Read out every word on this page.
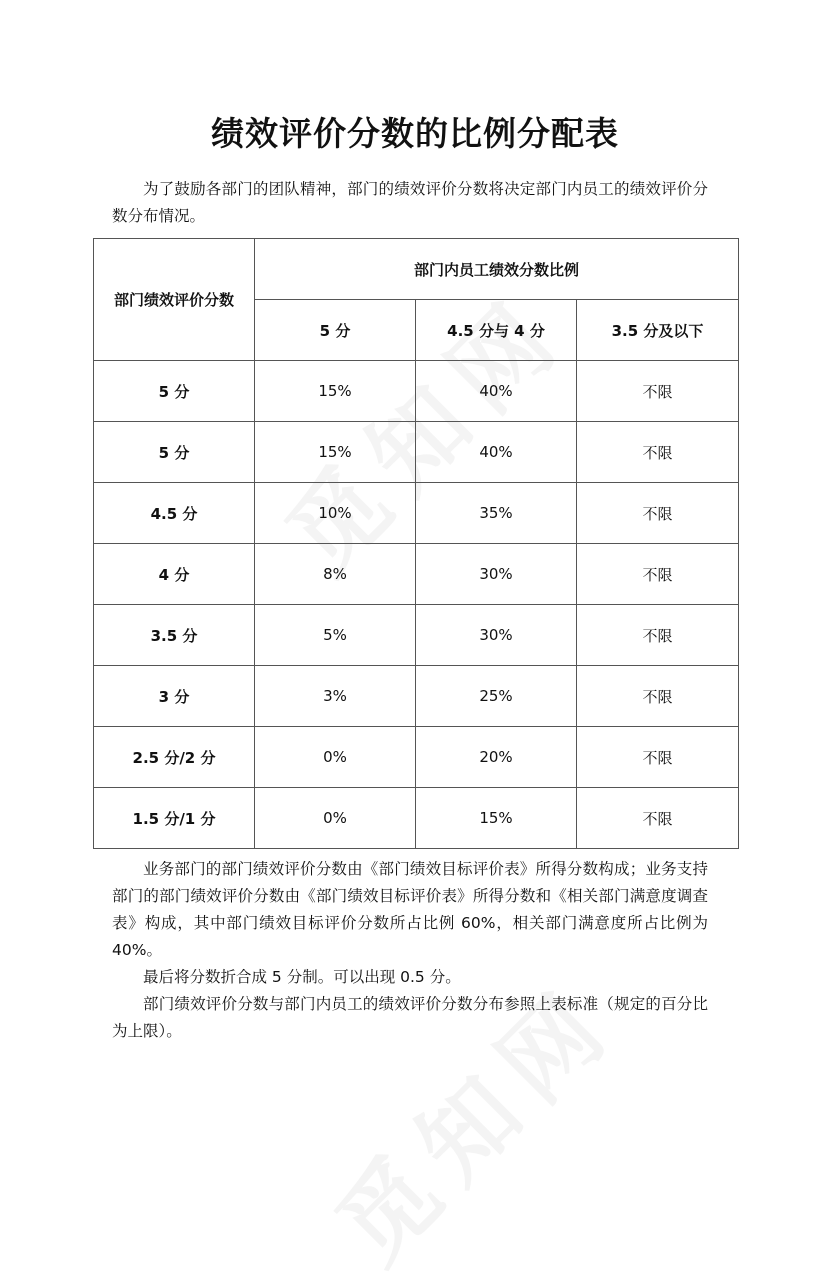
绩效评价分数的比例分配表

为了鼓励各部门的团队精神，部门的绩效评价分数将决定部门内员工的绩效评价分数分布情况。

部门绩效评价分数	部门内员工绩效分数比例		
	5 分	4.5 分与 4 分	3.5 分及以下
5 分	15%	40%	不限
5 分	15%	40%	不限
4.5 分	10%	35%	不限
4 分	8%	30%	不限
3.5 分	5%	30%	不限
3 分	3%	25%	不限
2.5 分/2 分	0%	20%	不限
1.5 分/1 分	0%	15%	不限

业务部门的部门绩效评价分数由《部门绩效目标评价表》所得分数构成；业务支持部门的部门绩效评价分数由《部门绩效目标评价表》所得分数和《相关部门满意度调查表》构成，其中部门绩效目标评价分数所占比例 60%，相关部门满意度所占比例为 40%。

最后将分数折合成 5 分制。可以出现 0.5 分。

部门绩效评价分数与部门内员工的绩效评价分数分布参照上表标准（规定的百分比为上限）。
